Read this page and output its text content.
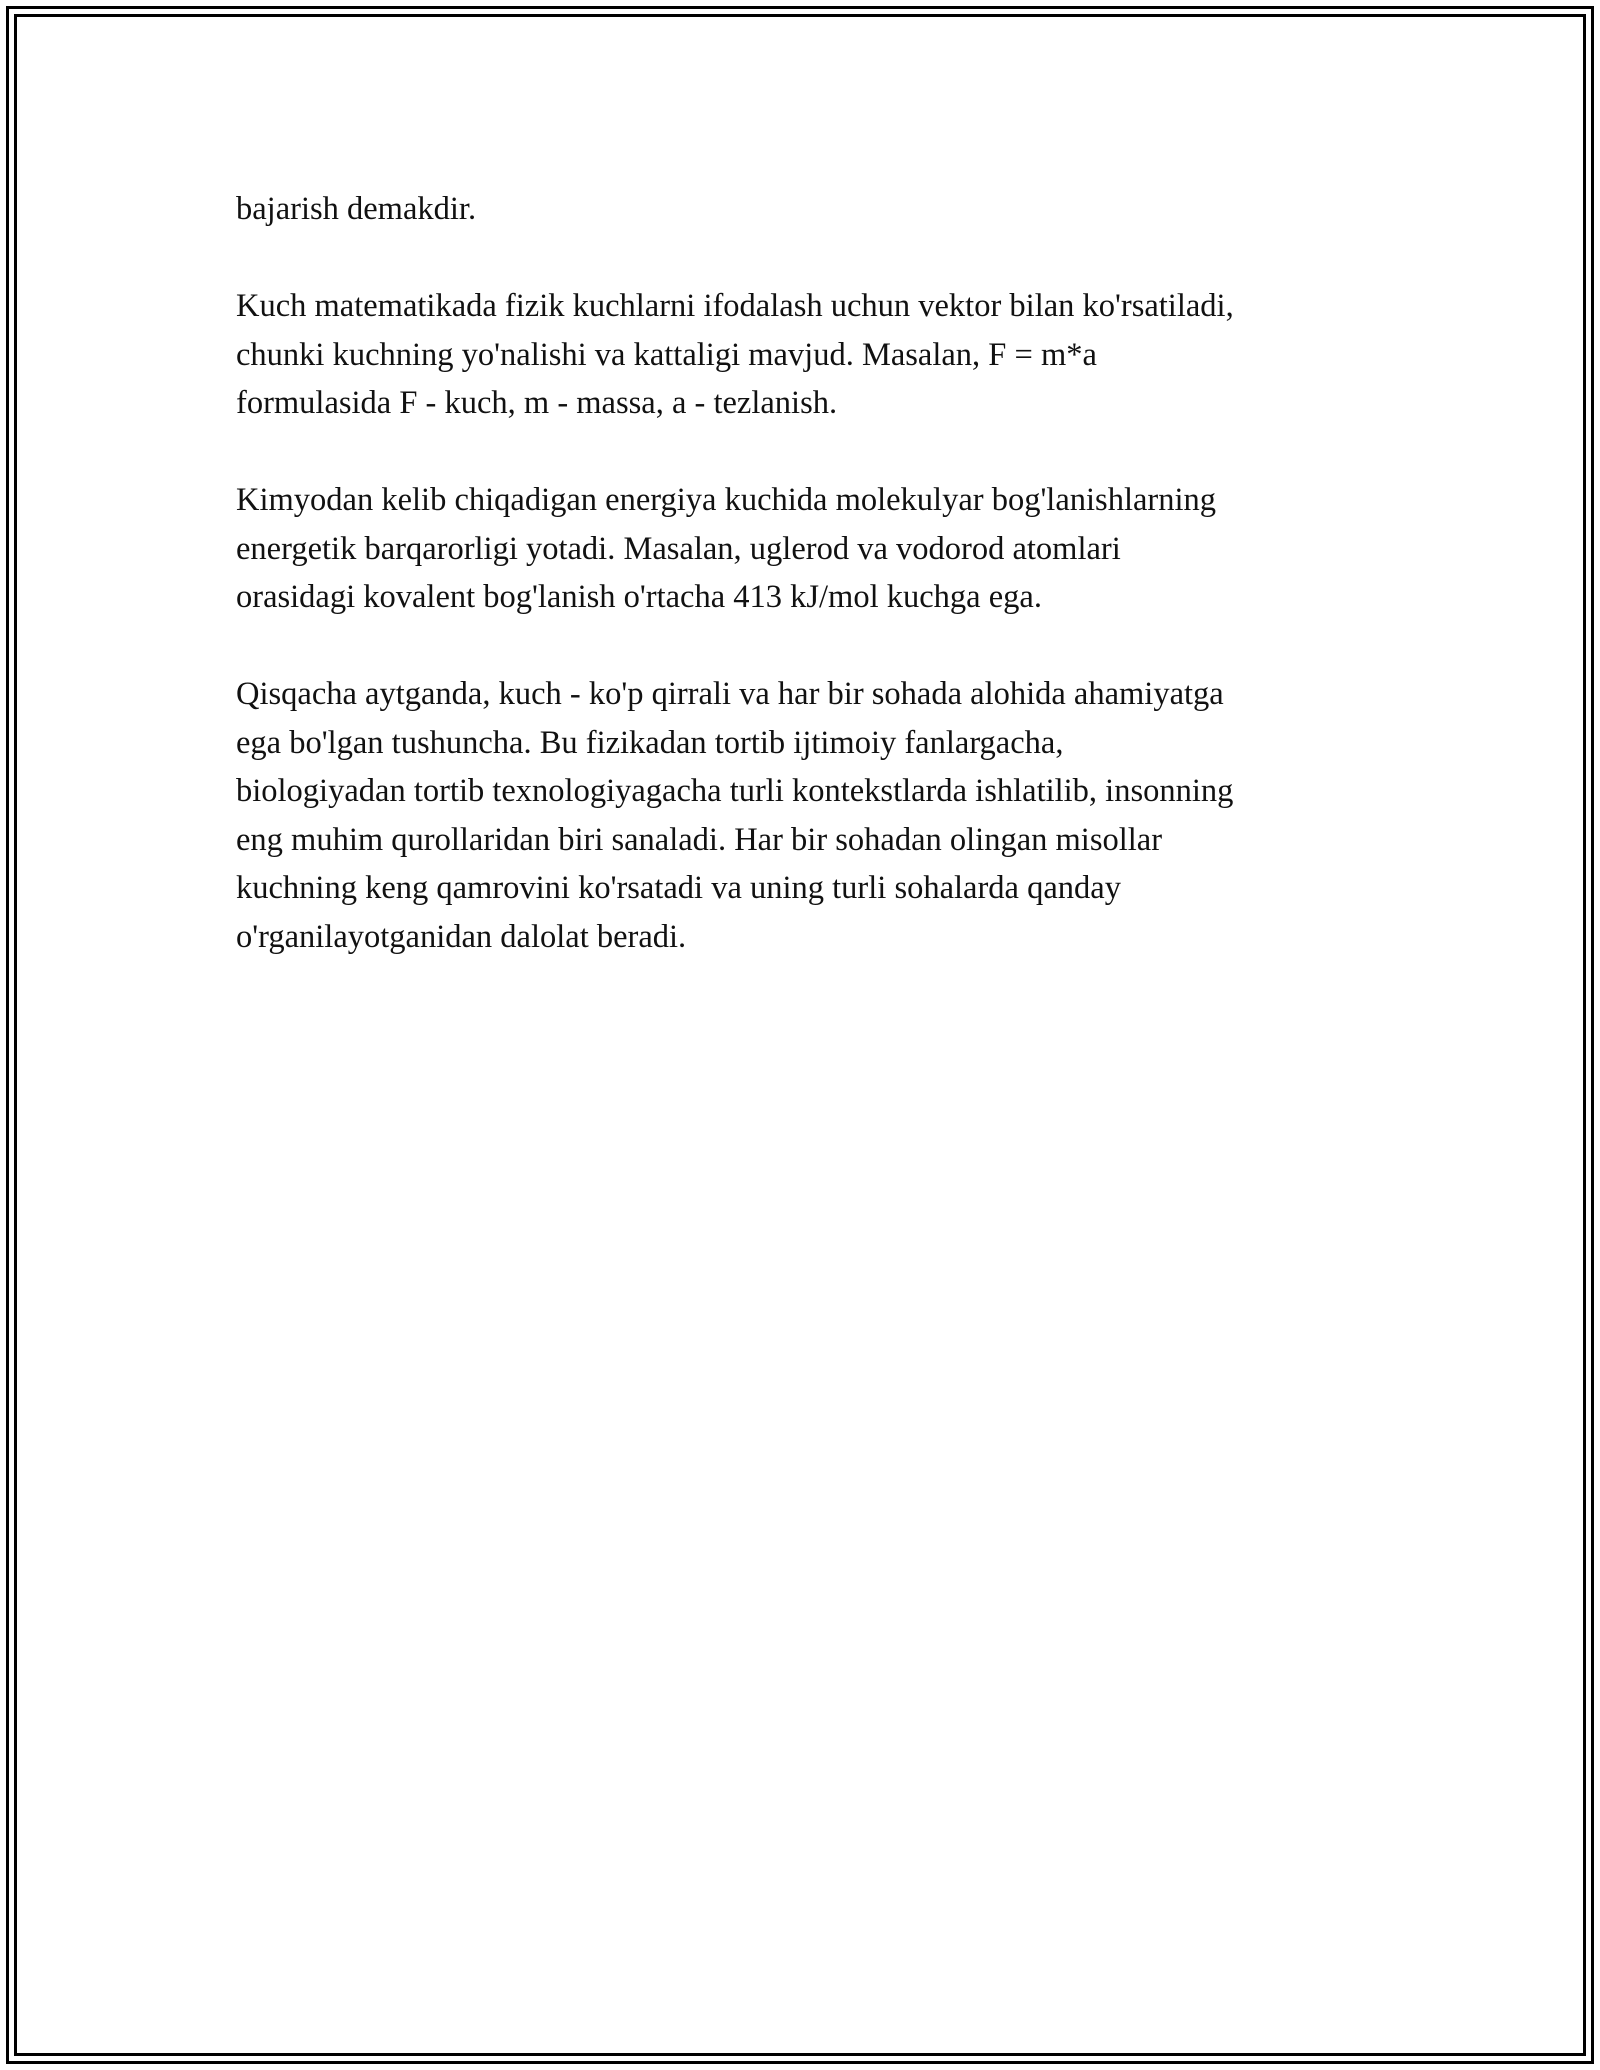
bajarish demakdir.

Kuch matematikada fizik kuchlarni ifodalash uchun vektor bilan ko'rsatiladi,
chunki kuchning yo'nalishi va kattaligi mavjud. Masalan, F = m*a
formulasida F - kuch, m - massa, a - tezlanish.

Kimyodan kelib chiqadigan energiya kuchida molekulyar bog'lanishlarning
energetik barqarorligi yotadi. Masalan, uglerod va vodorod atomlari
orasidagi kovalent bog'lanish o'rtacha 413 kJ/mol kuchga ega.

Qisqacha aytganda, kuch - ko'p qirrali va har bir sohada alohida ahamiyatga
ega bo'lgan tushuncha. Bu fizikadan tortib ijtimoiy fanlargacha,
biologiyadan tortib texnologiyagacha turli kontekstlarda ishlatilib, insonning
eng muhim qurollaridan biri sanaladi. Har bir sohadan olingan misollar
kuchning keng qamrovini ko'rsatadi va uning turli sohalarda qanday
o'rganilayotganidan dalolat beradi.
